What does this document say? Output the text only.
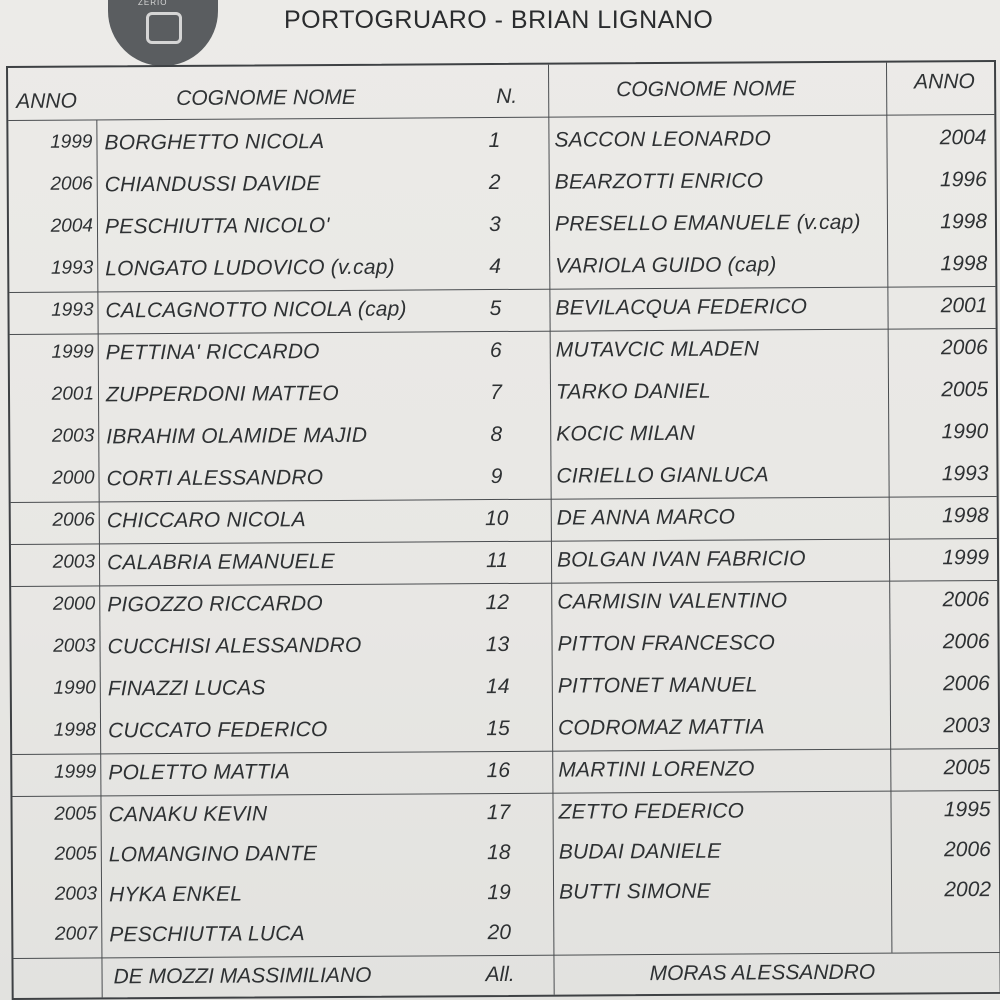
ZERIO
PORTOGRUARO - BRIAN LIGNANO
ANNO	COGNOME NOME	N.	COGNOME NOME	ANNO
1999 BORGHETTO NICOLA	1	SACCON LEONARDO	2004
2006 CHIANDUSSI DAVIDE	2	BEARZOTTI ENRICO	1996
2004 PESCHIUTTA NICOLO'	3	PRESELLO EMANUELE (v.cap)	1998
1993 LONGATO LUDOVICO (v.cap)	4	VARIOLA GUIDO (cap)	1998
1993 CALCAGNOTTO NICOLA (cap)	5	BEVILACQUA FEDERICO	2001
1999 PETTINA' RICCARDO	6	MUTAVCIC MLADEN	2006
2001 ZUPPERDONI MATTEO	7	TARKO DANIEL	2005
2003 IBRAHIM OLAMIDE MAJID	8	KOCIC MILAN	1990
2000 CORTI ALESSANDRO	9	CIRIELLO GIANLUCA	1993
2006 CHICCARO NICOLA	10	DE ANNA MARCO	1998
2003 CALABRIA EMANUELE	11	BOLGAN IVAN FABRICIO	1999
2000 PIGOZZO RICCARDO	12	CARMISIN VALENTINO	2006
2003 CUCCHISI ALESSANDRO	13	PITTON FRANCESCO	2006
1990 FINAZZI LUCAS	14	PITTONET MANUEL	2006
1998 CUCCATO FEDERICO	15	CODROMAZ MATTIA	2003
1999 POLETTO MATTIA	16	MARTINI LORENZO	2005
2005 CANAKU KEVIN	17	ZETTO FEDERICO	1995
2005 LOMANGINO DANTE	18	BUDAI DANIELE	2006
2003 HYKA ENKEL	19	BUTTI SIMONE	2002
2007 PESCHIUTTA LUCA	20
DE MOZZI MASSIMILIANO	All.	MORAS ALESSANDRO
